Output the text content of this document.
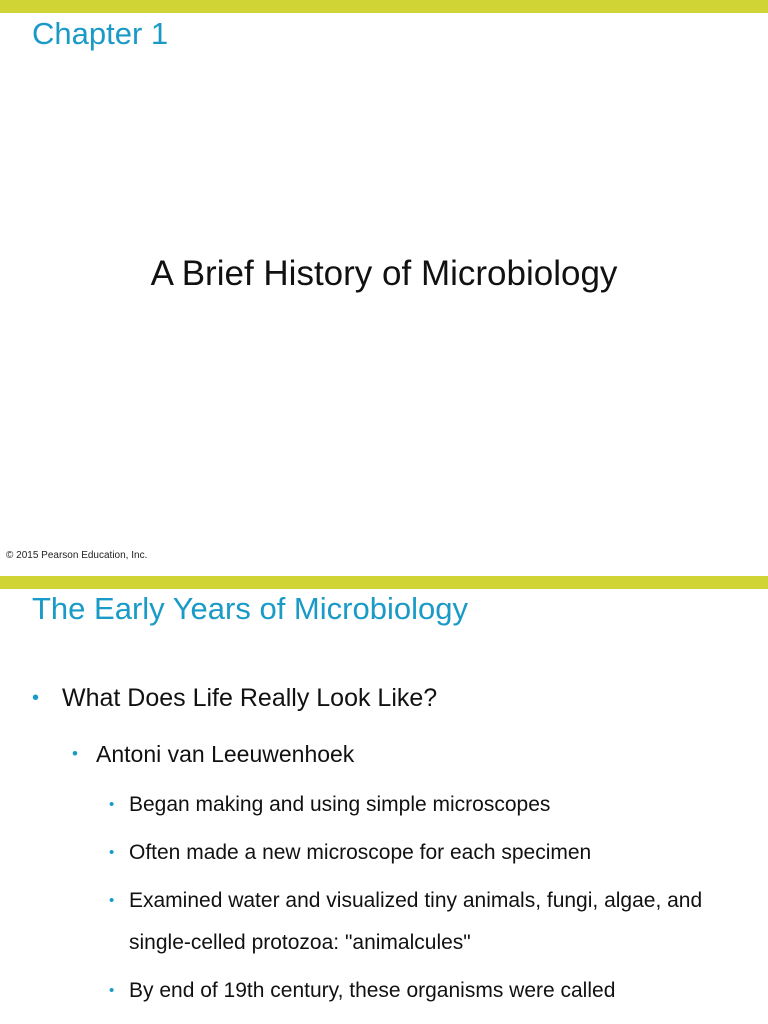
Chapter 1
A Brief History of Microbiology
© 2015 Pearson Education, Inc.
The Early Years of Microbiology
• What Does Life Really Look Like?
• Antoni van Leeuwenhoek
• Began making and using simple microscopes
• Often made a new microscope for each specimen
• Examined water and visualized tiny animals, fungi, algae, and single-celled protozoa: "animalcules"
• By end of 19th century, these organisms were called
